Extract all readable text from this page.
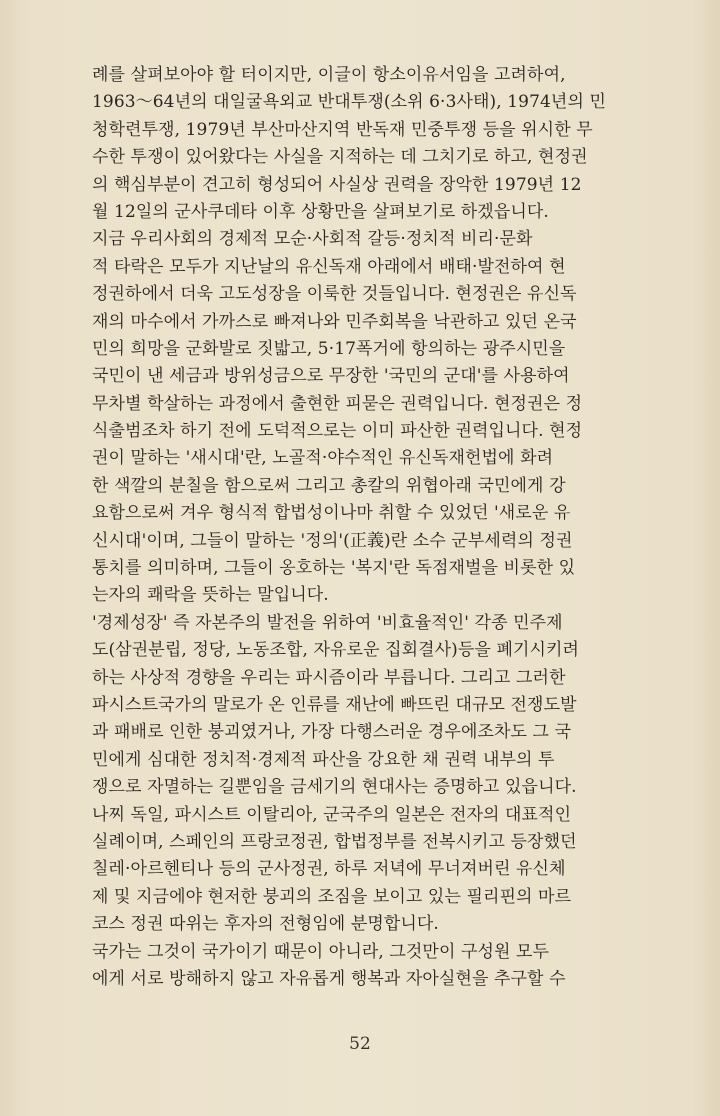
례를 살펴보아야 할 터이지만, 이글이 항소이유서임을 고려하여,
1963～64년의 대일굴욕외교 반대투쟁(소위 6·3사태), 1974년의 민
청학련투쟁, 1979년 부산마산지역 반독재 민중투쟁 등을 위시한 무
수한 투쟁이 있어왔다는 사실을 지적하는 데 그치기로 하고, 현정권
의 핵심부분이 견고히 형성되어 사실상 권력을 장악한 1979년 12
월 12일의 군사쿠데타 이후 상황만을 살펴보기로 하겠읍니다.
지금 우리사회의 경제적 모순·사회적 갈등·정치적 비리·문화
적 타락은 모두가 지난날의 유신독재 아래에서 배태·발전하여 현
정권하에서 더욱 고도성장을 이룩한 것들입니다. 현정권은 유신독
재의 마수에서 가까스로 빠져나와 민주회복을 낙관하고 있던 온국
민의 희망을 군화발로 짓밟고, 5·17폭거에 항의하는 광주시민을
국민이 낸 세금과 방위성금으로 무장한 '국민의 군대'를 사용하여
무차별 학살하는 과정에서 출현한 피묻은 권력입니다. 현정권은 정
식출범조차 하기 전에 도덕적으로는 이미 파산한 권력입니다. 현정
권이 말하는 '새시대'란, 노골적·야수적인 유신독재헌법에 화려
한 색깔의 분칠을 함으로써 그리고 총칼의 위협아래 국민에게 강
요함으로써 겨우 형식적 합법성이나마 취할 수 있었던 '새로운 유
신시대'이며, 그들이 말하는 '정의'(正義)란 소수 군부세력의 정권
통치를 의미하며, 그들이 옹호하는 '복지'란 독점재벌을 비롯한 있
는자의 쾌락을 뜻하는 말입니다.
'경제성장' 즉 자본주의 발전을 위하여 '비효율적인' 각종 민주제
도(삼권분립, 정당, 노동조합, 자유로운 집회결사)등을 폐기시키려
하는 사상적 경향을 우리는 파시즘이라 부릅니다. 그리고 그러한
파시스트국가의 말로가 온 인류를 재난에 빠뜨린 대규모 전쟁도발
과 패배로 인한 붕괴였거나, 가장 다행스러운 경우에조차도 그 국
민에게 심대한 정치적·경제적 파산을 강요한 채 권력 내부의 투
쟁으로 자멸하는 길뿐임을 금세기의 현대사는 증명하고 있읍니다.
나찌 독일, 파시스트 이탈리아, 군국주의 일본은 전자의 대표적인
실례이며, 스페인의 프랑코정권, 합법정부를 전복시키고 등장했던
칠레·아르헨티나 등의 군사정권, 하루 저녁에 무너져버린 유신체
제 및 지금에야 현저한 붕괴의 조짐을 보이고 있는 필리핀의 마르
코스 정권 따위는 후자의 전형임에 분명합니다.
국가는 그것이 국가이기 때문이 아니라, 그것만이 구성원 모두
에게 서로 방해하지 않고 자유롭게 행복과 자아실현을 추구할 수
52
